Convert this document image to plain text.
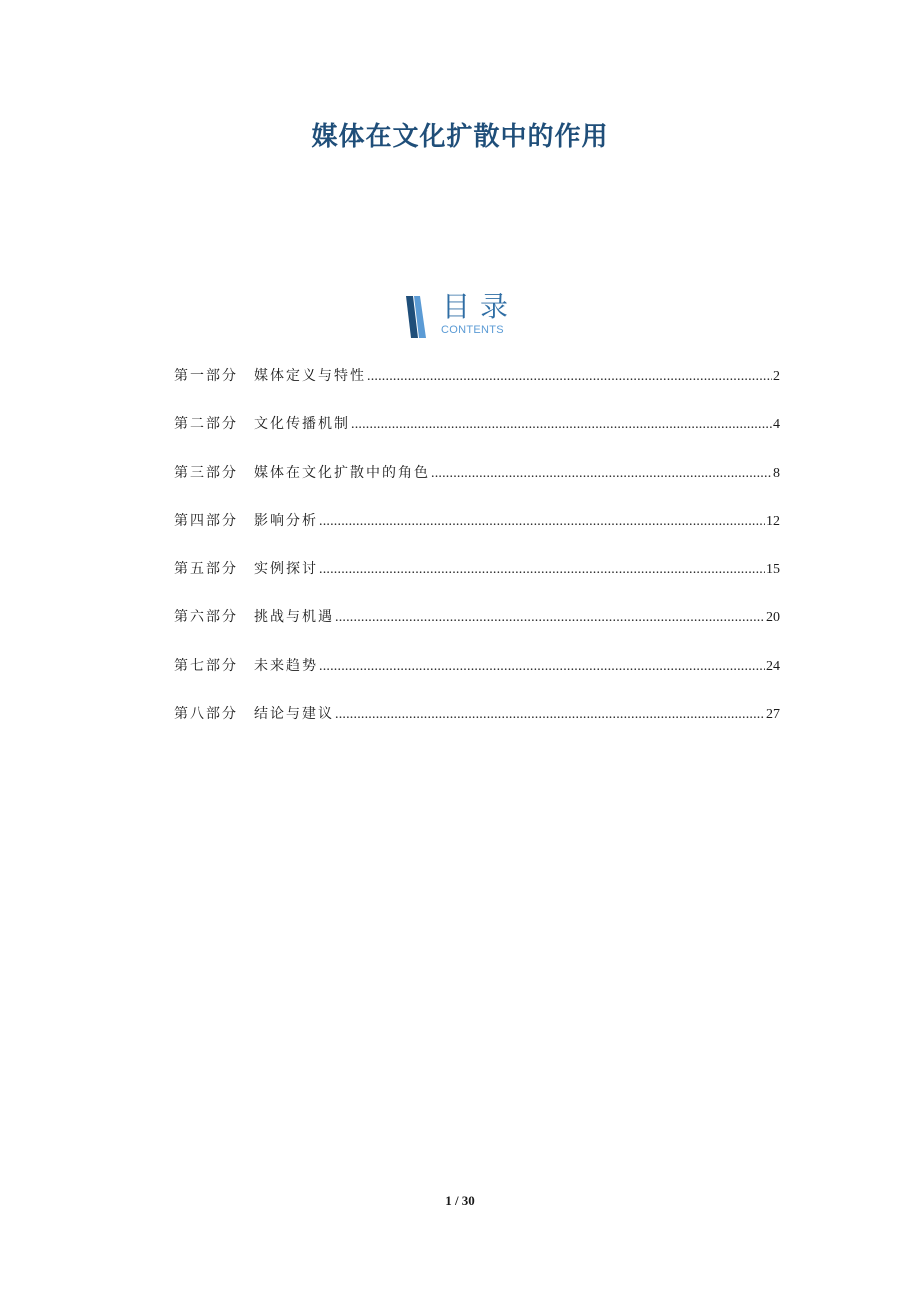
媒体在文化扩散中的作用
目录
CONTENTS
第一部分	媒体定义与特性 .....	2
第二部分	文化传播机制 .....	4
第三部分	媒体在文化扩散中的角色 .....	8
第四部分	影响分析 .....	12
第五部分	实例探讨 .....	15
第六部分	挑战与机遇 .....	20
第七部分	未来趋势 .....	24
第八部分	结论与建议 .....	27
1 / 30
